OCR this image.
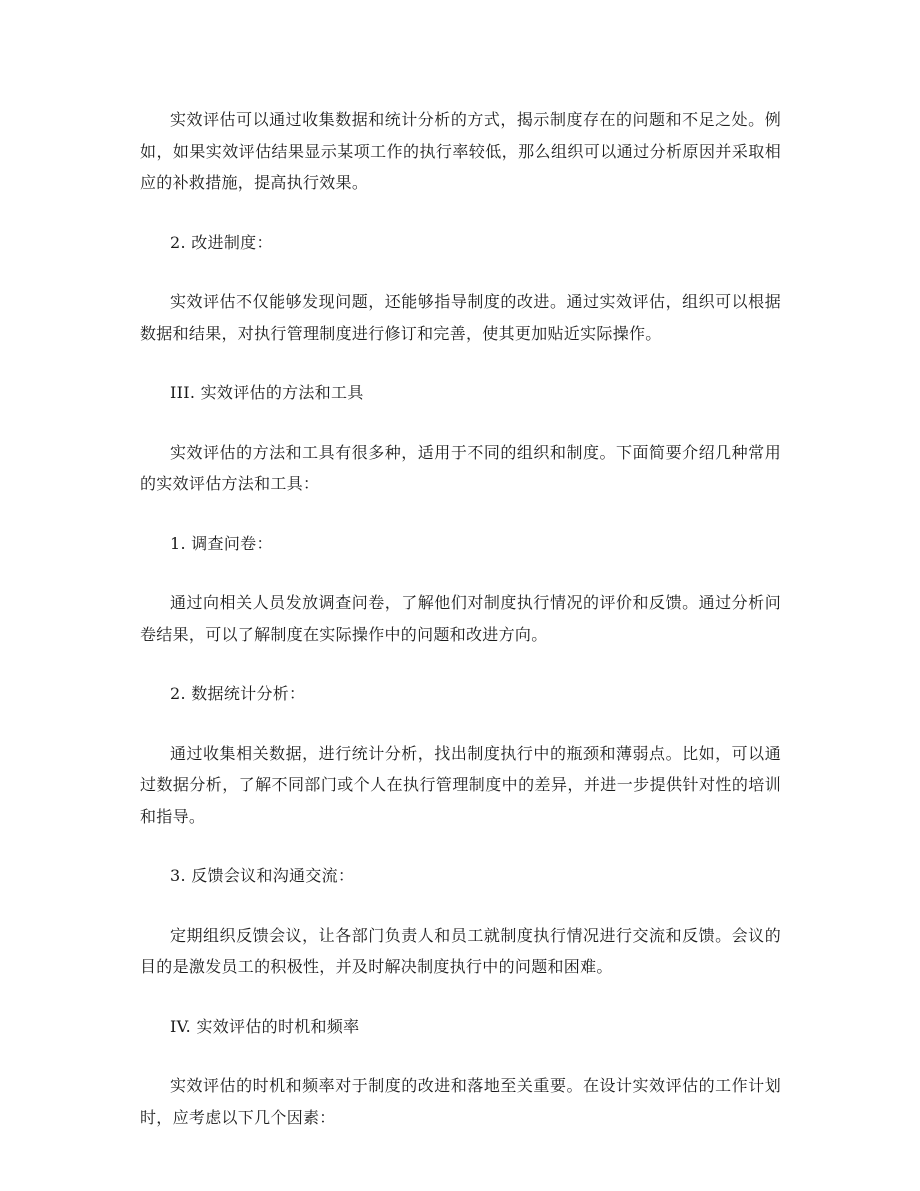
实效评估可以通过收集数据和统计分析的方式，揭示制度存在的问题和不足之处。例如，如果实效评估结果显示某项工作的执行率较低，那么组织可以通过分析原因并采取相应的补救措施，提高执行效果。

2. 改进制度：

实效评估不仅能够发现问题，还能够指导制度的改进。通过实效评估，组织可以根据数据和结果，对执行管理制度进行修订和完善，使其更加贴近实际操作。

III. 实效评估的方法和工具

实效评估的方法和工具有很多种，适用于不同的组织和制度。下面简要介绍几种常用的实效评估方法和工具：

1. 调查问卷：

通过向相关人员发放调查问卷，了解他们对制度执行情况的评价和反馈。通过分析问卷结果，可以了解制度在实际操作中的问题和改进方向。

2. 数据统计分析：

通过收集相关数据，进行统计分析，找出制度执行中的瓶颈和薄弱点。比如，可以通过数据分析，了解不同部门或个人在执行管理制度中的差异，并进一步提供针对性的培训和指导。

3. 反馈会议和沟通交流：

定期组织反馈会议，让各部门负责人和员工就制度执行情况进行交流和反馈。会议的目的是激发员工的积极性，并及时解决制度执行中的问题和困难。

IV. 实效评估的时机和频率

实效评估的时机和频率对于制度的改进和落地至关重要。在设计实效评估的工作计划时，应考虑以下几个因素：
